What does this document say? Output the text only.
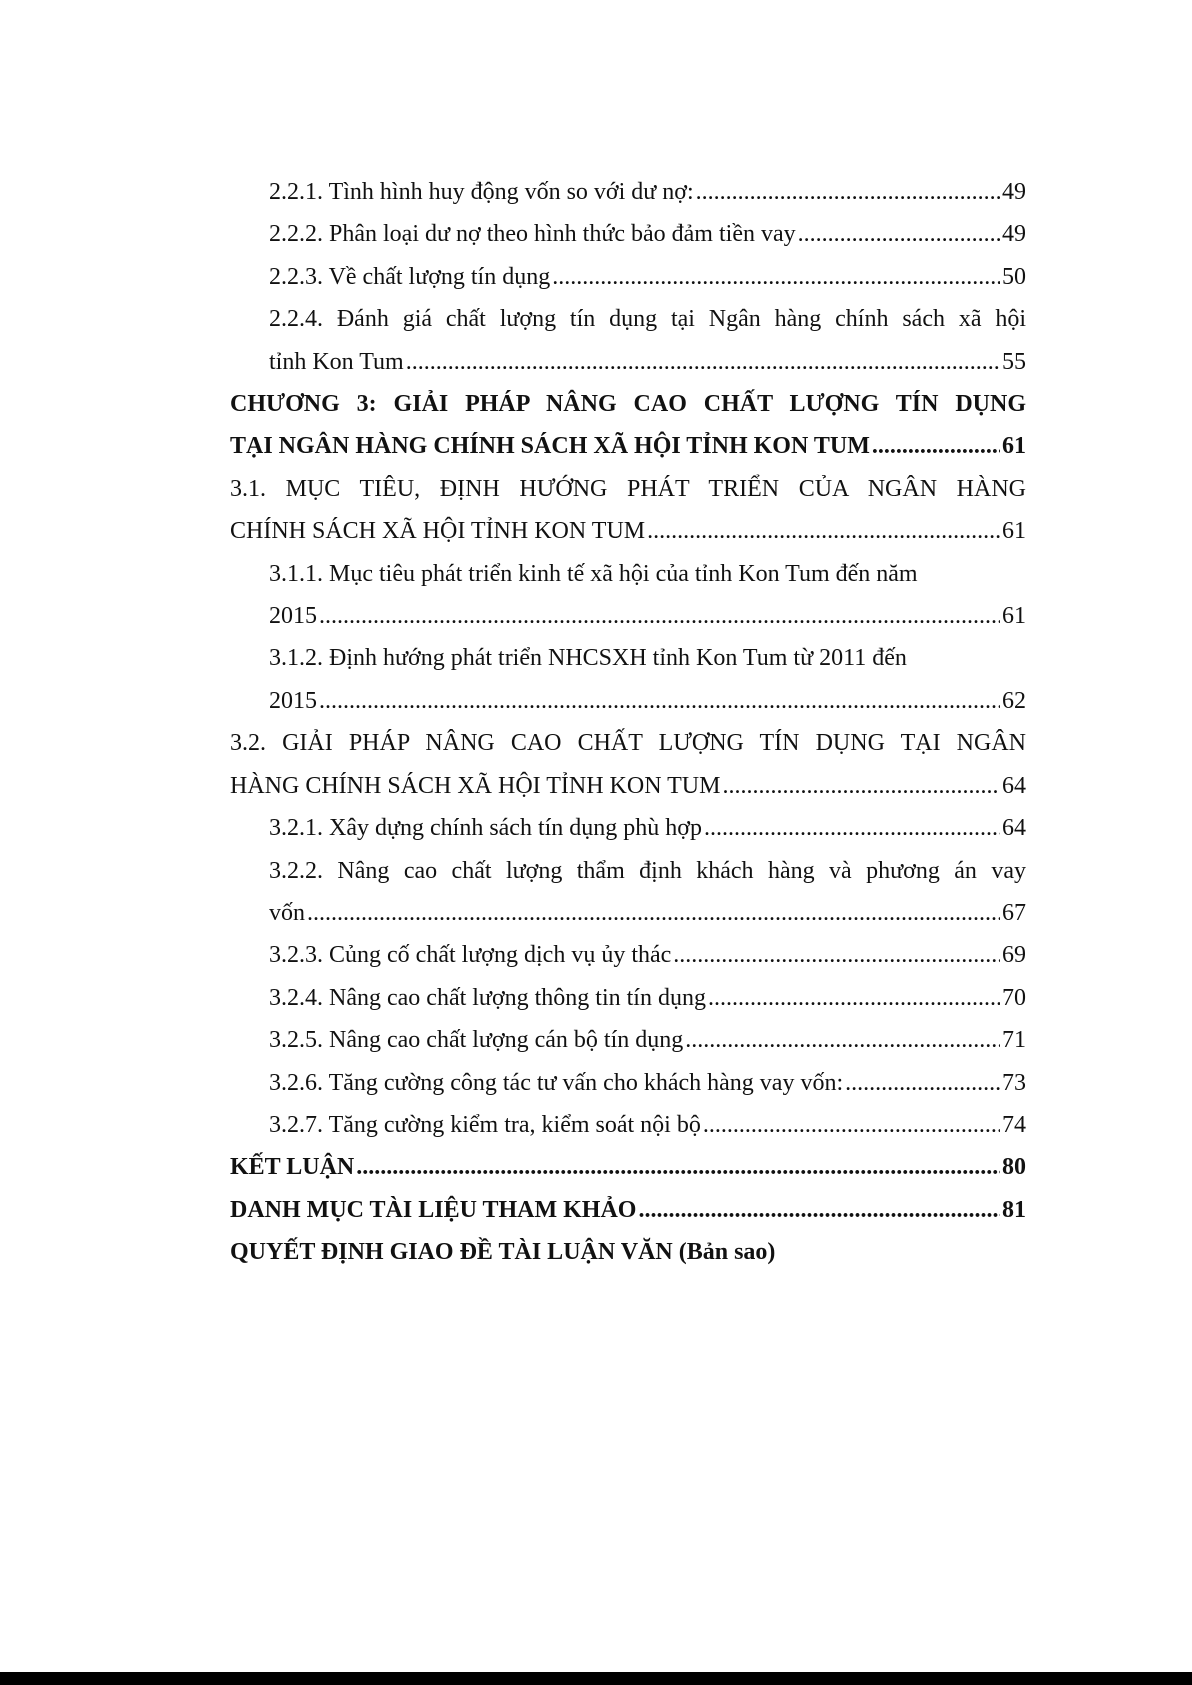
2.2.1. Tình hình huy động vốn so với dư nợ: .....	49
2.2.2. Phân loại dư nợ theo hình thức bảo đảm tiền vay .....	49
2.2.3. Về chất lượng tín dụng .....	50
2.2.4. Đánh giá chất lượng tín dụng tại Ngân hàng chính sách xã hội
tỉnh Kon Tum .....	55
CHƯƠNG 3: GIẢI PHÁP NÂNG CAO CHẤT LƯỢNG TÍN DỤNG
TẠI NGÂN HÀNG CHÍNH SÁCH XÃ HỘI TỈNH KON TUM .....	61
3.1. MỤC TIÊU, ĐỊNH HƯỚNG PHÁT TRIỂN CỦA NGÂN HÀNG
CHÍNH SÁCH XÃ HỘI TỈNH KON TUM .....	61
3.1.1. Mục tiêu phát triển kinh tế xã hội của tỉnh Kon Tum đến năm
2015 .....	61
3.1.2. Định hướng phát triển NHCSXH tỉnh Kon Tum từ 2011 đến
2015 .....	62
3.2. GIẢI PHÁP NÂNG CAO CHẤT LƯỢNG TÍN DỤNG TẠI NGÂN
HÀNG CHÍNH SÁCH XÃ HỘI TỈNH KON TUM .....	64
3.2.1. Xây dựng chính sách tín dụng phù hợp .....	64
3.2.2. Nâng cao chất lượng thẩm định khách hàng và phương án vay
vốn .....	67
3.2.3. Củng cố chất lượng dịch vụ ủy thác .....	69
3.2.4. Nâng cao chất lượng thông tin tín dụng .....	70
3.2.5. Nâng cao chất lượng cán bộ tín dụng .....	71
3.2.6. Tăng cường công tác tư vấn cho khách hàng vay vốn: .....	73
3.2.7. Tăng cường kiểm tra, kiểm soát nội bộ .....	74
KẾT LUẬN .....	80
DANH MỤC TÀI LIỆU THAM KHẢO .....	81
QUYẾT ĐỊNH GIAO ĐỀ TÀI LUẬN VĂN (Bản sao)
